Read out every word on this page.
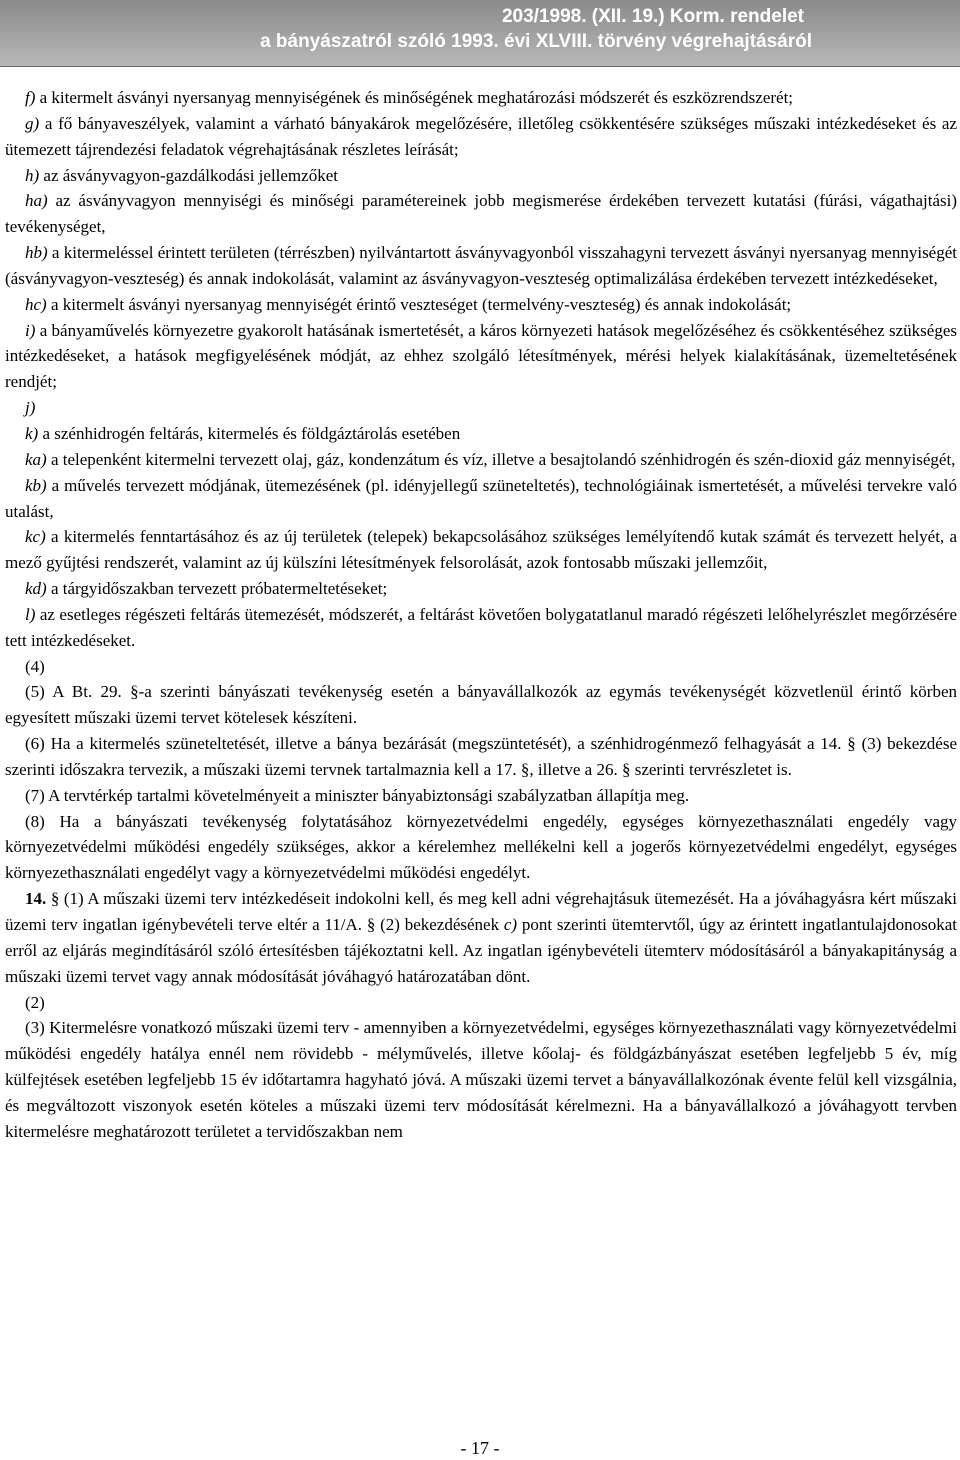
203/1998. (XII. 19.) Korm. rendelet
a bányászatról szóló 1993. évi XLVIII. törvény végrehajtásáról

f) a kitermelt ásványi nyersanyag mennyiségének és minőségének meghatározási módszerét és eszközrendszerét;

g) a fő bányaveszélyek, valamint a várható bányakárok megelőzésére, illetőleg csökkentésére szükséges műszaki intézkedéseket és az ütemezett tájrendezési feladatok végrehajtásának részletes leírását;

h) az ásványvagyon-gazdálkodási jellemzőket

ha) az ásványvagyon mennyiségi és minőségi paramétereinek jobb megismerése érdekében tervezett kutatási (fúrási, vágathajtási) tevékenységet,

hb) a kitermeléssel érintett területen (térrészben) nyilvántartott ásványvagyonból visszahagyni tervezett ásványi nyersanyag mennyiségét (ásványvagyon-veszteség) és annak indokolását, valamint az ásványvagyon-veszteség optimalizálása érdekében tervezett intézkedéseket,

hc) a kitermelt ásványi nyersanyag mennyiségét érintő veszteséget (termelvény-veszteség) és annak indokolását;

i) a bányaművelés környezetre gyakorolt hatásának ismertetését, a káros környezeti hatások megelőzéséhez és csökkentéséhez szükséges intézkedéseket, a hatások megfigyelésének módját, az ehhez szolgáló létesítmények, mérési helyek kialakításának, üzemeltetésének rendjét;

j)

k) a szénhidrogén feltárás, kitermelés és földgáztárolás esetében

ka) a telepenként kitermelni tervezett olaj, gáz, kondenzátum és víz, illetve a besajtolandó szénhidrogén és szén-dioxid gáz mennyiségét,

kb) a művelés tervezett módjának, ütemezésének (pl. idényjellegű szüneteltetés), technológiáinak ismertetését, a művelési tervekre való utalást,

kc) a kitermelés fenntartásához és az új területek (telepek) bekapcsolásához szükséges lemélyítendő kutak számát és tervezett helyét, a mező gyűjtési rendszerét, valamint az új külszíni létesítmények felsorolását, azok fontosabb műszaki jellemzőit,

kd) a tárgyidőszakban tervezett próbatermeltetéseket;

l) az esetleges régészeti feltárás ütemezését, módszerét, a feltárást követően bolygatatlanul maradó régészeti lelőhelyrészlet megőrzésére tett intézkedéseket.

(4)

(5) A Bt. 29. §-a szerinti bányászati tevékenység esetén a bányavállalkozók az egymás tevékenységét közvetlenül érintő körben egyesített műszaki üzemi tervet kötelesek készíteni.

(6) Ha a kitermelés szüneteltetését, illetve a bánya bezárását (megszüntetését), a szénhidrogénmező felhagyását a 14. § (3) bekezdése szerinti időszakra tervezik, a műszaki üzemi tervnek tartalmaznia kell a 17. §, illetve a 26. § szerinti tervrészletet is.

(7) A tervtérkép tartalmi követelményeit a miniszter bányabiztonsági szabályzatban állapítja meg.

(8) Ha a bányászati tevékenység folytatásához környezetvédelmi engedély, egységes környezethasználati engedély vagy környezetvédelmi működési engedély szükséges, akkor a kérelemhez mellékelni kell a jogerős környezetvédelmi engedélyt, egységes környezethasználati engedélyt vagy a környezetvédelmi működési engedélyt.

14. § (1) A műszaki üzemi terv intézkedéseit indokolni kell, és meg kell adni végrehajtásuk ütemezését. Ha a jóváhagyásra kért műszaki üzemi terv ingatlan igénybevételi terve eltér a 11/A. § (2) bekezdésének c) pont szerinti ütemtervtől, úgy az érintett ingatlantulajdonosokat erről az eljárás megindításáról szóló értesítésben tájékoztatni kell. Az ingatlan igénybevételi ütemterv módosításáról a bányakapitányság a műszaki üzemi tervet vagy annak módosítását jóváhagyó határozatában dönt.

(2)

(3) Kitermelésre vonatkozó műszaki üzemi terv - amennyiben a környezetvédelmi, egységes környezethasználati vagy környezetvédelmi működési engedély hatálya ennél nem rövidebb - mélyművelés, illetve kőolaj- és földgázbányászat esetében legfeljebb 5 év, míg külfejtések esetében legfeljebb 15 év időtartamra hagyható jóvá. A műszaki üzemi tervet a bányavállalkozónak évente felül kell vizsgálnia, és megváltozott viszonyok esetén köteles a műszaki üzemi terv módosítását kérelmezni. Ha a bányavállalkozó a jóváhagyott tervben kitermelésre meghatározott területet a tervidőszakban nem

- 17 -
